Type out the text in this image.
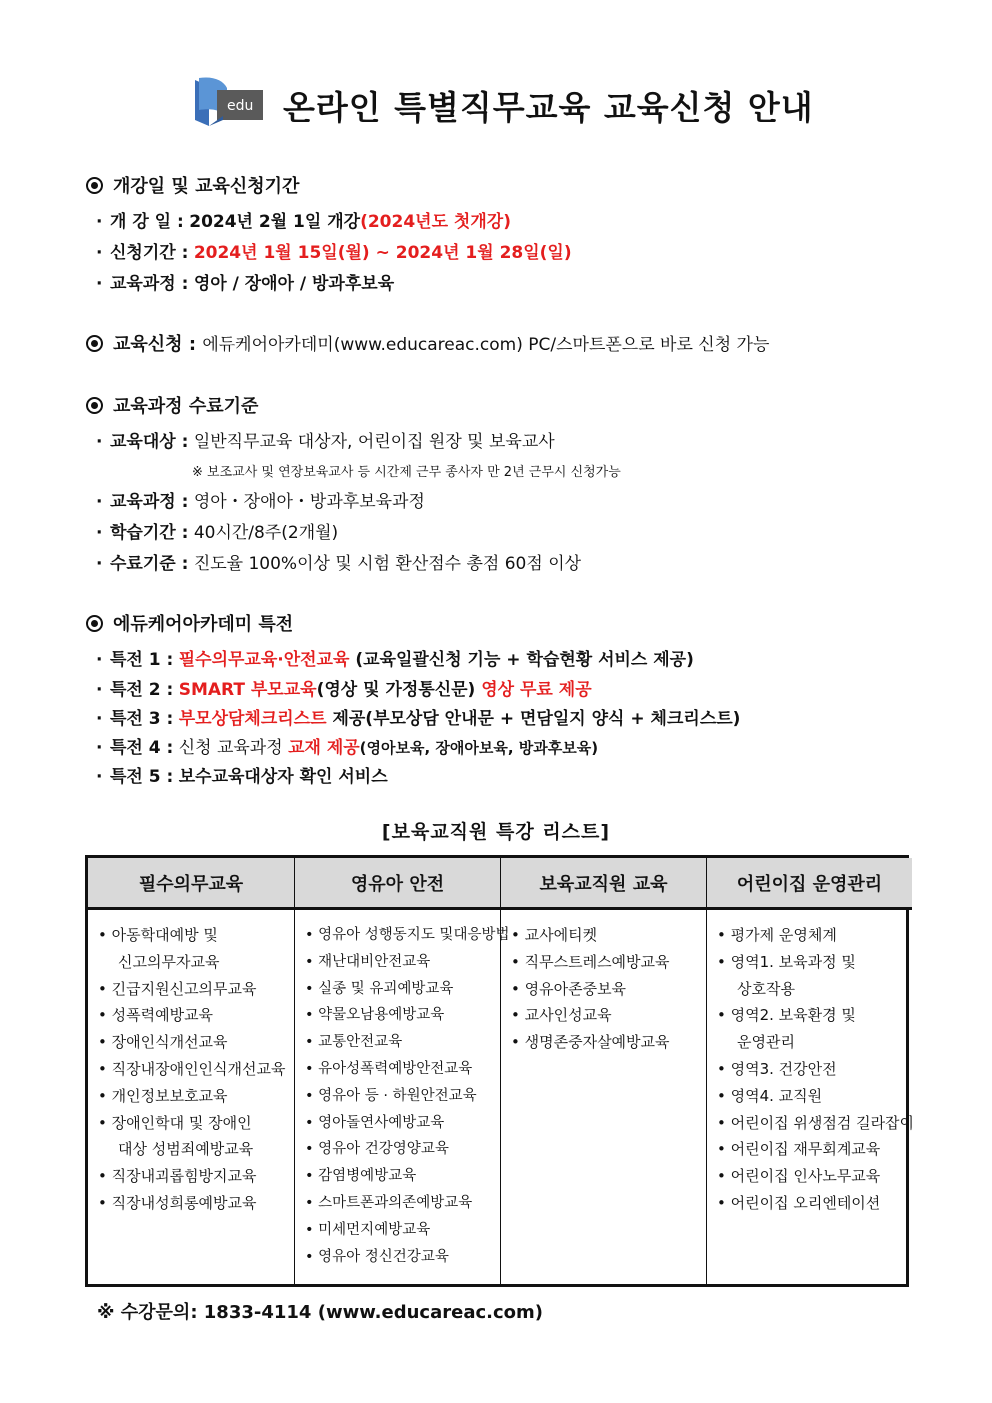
edu 온라인 특별직무교육 교육신청 안내
개강일 및 교육신청기간
· 개 강 일 : 2024년 2월 1일 개강(2024년도 첫개강)
· 신청기간 : 2024년 1월 15일(월) ~ 2024년 1월 28일(일)
· 교육과정 : 영아 / 장애아 / 방과후보육
교육신청 : 에듀케어아카데미(www.educareac.com) PC/스마트폰으로 바로 신청 가능
교육과정 수료기준
· 교육대상 : 일반직무교육 대상자, 어린이집 원장 및 보육교사
※ 보조교사 및 연장보육교사 등 시간제 근무 종사자 만 2년 근무시 신청가능
· 교육과정 : 영아・장애아・방과후보육과정
· 학습기간 : 40시간/8주(2개월)
· 수료기준 : 진도율 100%이상 및 시험 환산점수 총점 60점 이상
에듀케어아카데미 특전
· 특전 1 : 필수의무교육·안전교육 (교육일괄신청 기능 + 학습현황 서비스 제공)
· 특전 2 : SMART 부모교육(영상 및 가정통신문) 영상 무료 제공
· 특전 3 : 부모상담체크리스트 제공(부모상담 안내문 + 면담일지 양식 + 체크리스트)
· 특전 4 : 신청 교육과정 교재 제공(영아보육, 장애아보육, 방과후보육)
· 특전 5 : 보수교육대상자 확인 서비스
[보육교직원 특강 리스트]
필수의무교육
• 아동학대예방 및
신고의무자교육
• 긴급지원신고의무교육
• 성폭력예방교육
• 장애인식개선교육
• 직장내장애인인식개선교육
• 개인정보보호교육
• 장애인학대 및 장애인
대상 성범죄예방교육
• 직장내괴롭힘방지교육
• 직장내성희롱예방교육
영유아 안전
• 영유아 성행동지도 및대응방법
• 재난대비안전교육
• 실종 및 유괴예방교육
• 약물오남용예방교육
• 교통안전교육
• 유아성폭력예방안전교육
• 영유아 등 · 하원안전교육
• 영아돌연사예방교육
• 영유아 건강영양교육
• 감염병예방교육
• 스마트폰과의존예방교육
• 미세먼지예방교육
• 영유아 정신건강교육
보육교직원 교육
• 교사에티켓
• 직무스트레스예방교육
• 영유아존중보육
• 교사인성교육
• 생명존중자살예방교육
어린이집 운영관리
• 평가제 운영체계
• 영역1. 보육과정 및
상호작용
• 영역2. 보육환경 및
운영관리
• 영역3. 건강안전
• 영역4. 교직원
• 어린이집 위생점검 길라잡이
• 어린이집 재무회계교육
• 어린이집 인사노무교육
• 어린이집 오리엔테이션
※ 수강문의: 1833-4114 (www.educareac.com)
